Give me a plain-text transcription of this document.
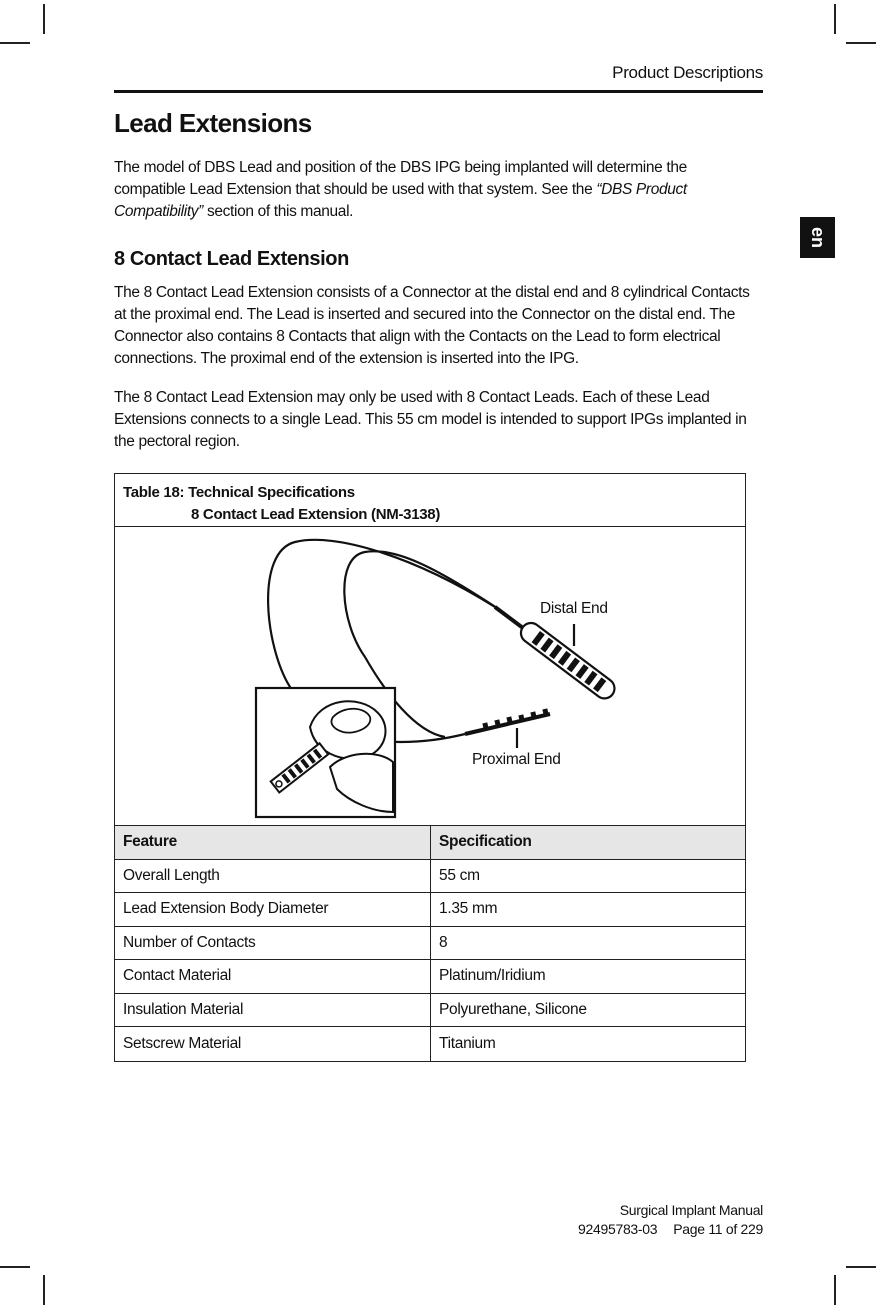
Product Descriptions
en
Lead Extensions

The model of DBS Lead and position of the DBS IPG being implanted will determine the compatible Lead Extension that should be used with that system. See the “DBS Product Compatibility” section of this manual.

8 Contact Lead Extension

The 8 Contact Lead Extension consists of a Connector at the distal end and 8 cylindrical Contacts at the proximal end. The Lead is inserted and secured into the Connector on the distal end. The Connector also contains 8 Contacts that align with the Contacts on the Lead to form electrical connections. The proximal end of the extension is inserted into the IPG.

The 8 Contact Lead Extension may only be used with 8 Contact Leads. Each of these Lead Extensions connects to a single Lead. This 55 cm model is intended to support IPGs implanted in the pectoral region.

Table 18: Technical Specifications
8 Contact Lead Extension (NM-3138)
Distal End
Proximal End
Feature	Specification
Overall Length	55 cm
Lead Extension Body Diameter	1.35 mm
Number of Contacts	8
Contact Material	Platinum/Iridium
Insulation Material	Polyurethane, Silicone
Setscrew Material	Titanium
Surgical Implant Manual
92495783-03 Page 11 of 229
